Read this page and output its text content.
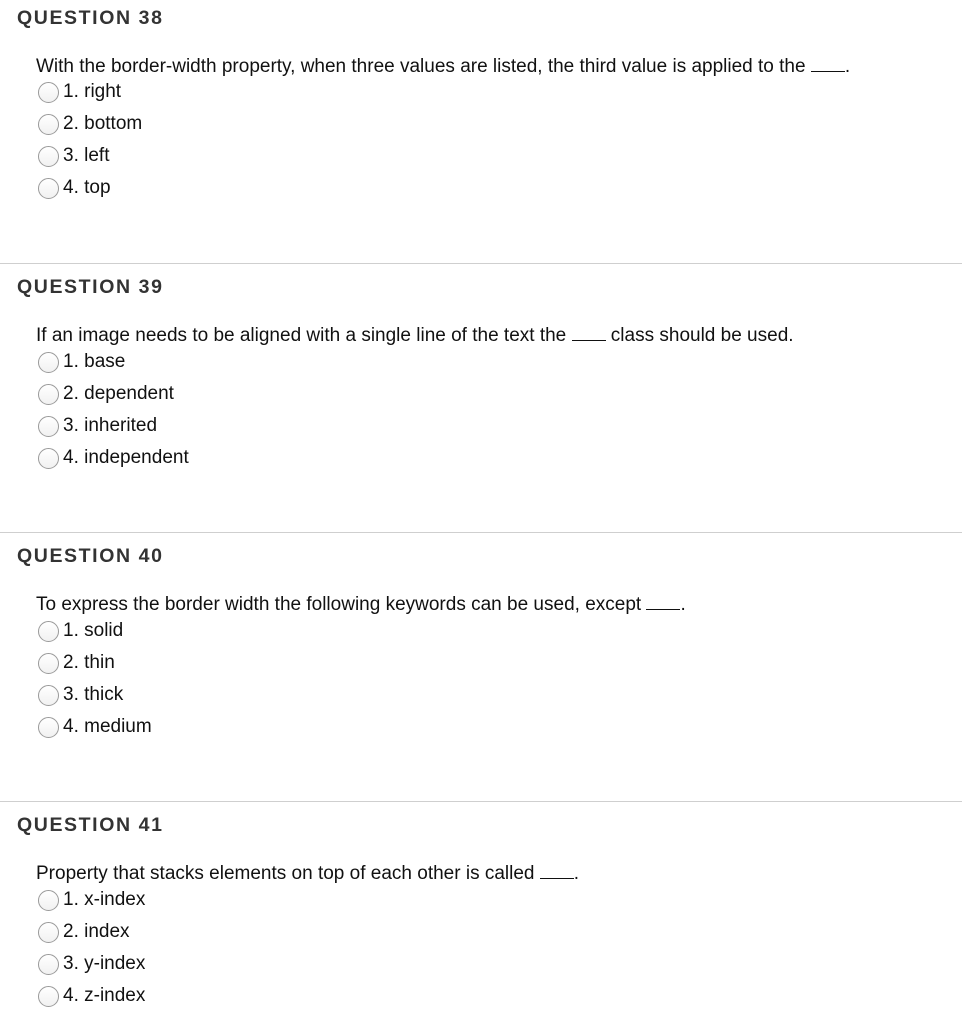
QUESTION 38
With the border-width property, when three values are listed, the third value is applied to the .
1. right
2. bottom
3. left
4. top
QUESTION 39
If an image needs to be aligned with a single line of the text the  class should be used.
1. base
2. dependent
3. inherited
4. independent
QUESTION 40
To express the border width the following keywords can be used, except .
1. solid
2. thin
3. thick
4. medium
QUESTION 41
Property that stacks elements on top of each other is called .
1. x-index
2. index
3. y-index
4. z-index
